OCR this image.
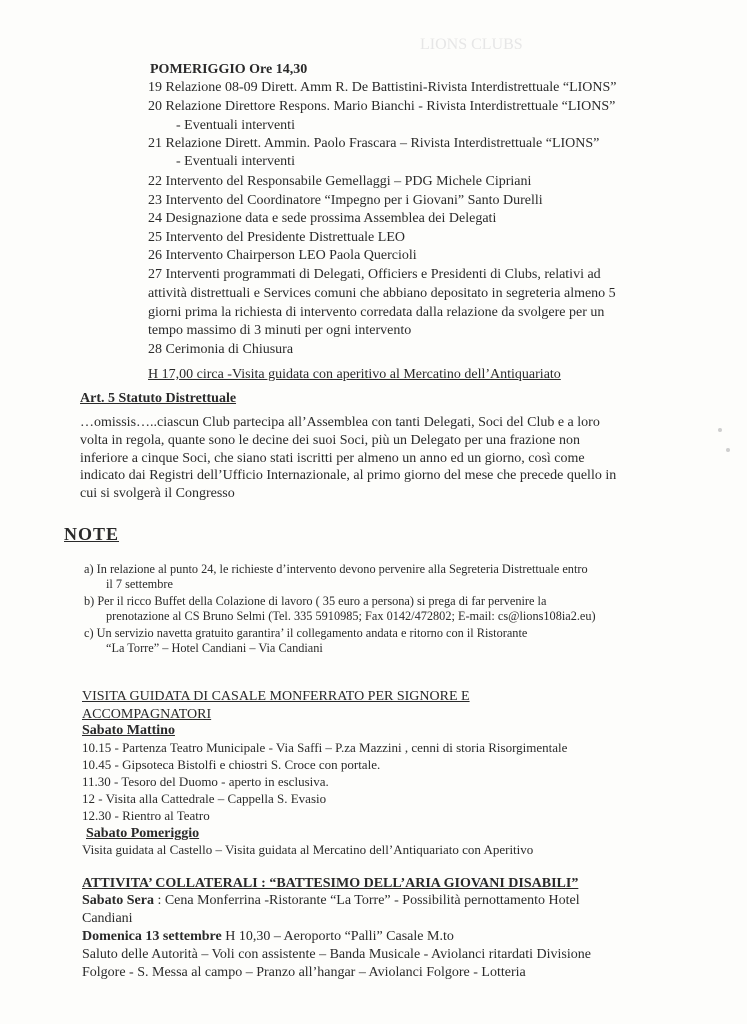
LIONS CLUBS
POMERIGGIO Ore 14,30
19 Relazione 08-09 Dirett. Amm R. De Battistini-Rivista Interdistrettuale “LIONS”
20 Relazione Direttore Respons. Mario Bianchi - Rivista Interdistrettuale “LIONS”
- Eventuali interventi
21 Relazione Dirett. Ammin. Paolo Frascara – Rivista Interdistrettuale “LIONS”
- Eventuali interventi
22 Intervento del Responsabile Gemellaggi – PDG Michele Cipriani
23 Intervento del Coordinatore “Impegno per i Giovani” Santo Durelli
24 Designazione data e sede prossima Assemblea dei Delegati
25 Intervento del Presidente Distrettuale LEO
26 Intervento Chairperson LEO Paola Quercioli
27 Interventi programmati di Delegati, Officiers e Presidenti di Clubs, relativi ad
attività distrettuali e Services comuni che abbiano depositato in segreteria almeno 5
giorni prima la richiesta di intervento corredata dalla relazione da svolgere per un
tempo massimo di 3 minuti per ogni intervento
28 Cerimonia di Chiusura
H 17,00 circa -Visita guidata con aperitivo al Mercatino dell’Antiquariato
Art. 5 Statuto Distrettuale
…omissis…..ciascun Club partecipa all’Assemblea con tanti Delegati, Soci del Club e a loro
volta in regola, quante sono le decine dei suoi Soci, più un Delegato per una frazione non
inferiore a cinque Soci, che siano stati iscritti per almeno un anno ed un giorno, così come
indicato dai Registri dell’Ufficio Internazionale, al primo giorno del mese che precede quello in
cui si svolgerà il Congresso
NOTE
a) In relazione al punto 24, le richieste d’intervento devono pervenire alla Segreteria Distrettuale entro
il 7 settembre
b) Per il ricco Buffet della Colazione di lavoro ( 35 euro a persona) si prega di far pervenire la
prenotazione al CS Bruno Selmi (Tel. 335 5910985; Fax 0142/472802; E-mail: cs@lions108ia2.eu)
c) Un servizio navetta gratuito garantira’ il collegamento andata e ritorno con il Ristorante
“La Torre” – Hotel Candiani – Via Candiani
VISITA GUIDATA DI CASALE MONFERRATO PER SIGNORE E
ACCOMPAGNATORI
Sabato Mattino
10.15 - Partenza Teatro Municipale - Via Saffi – P.za Mazzini , cenni di storia Risorgimentale
10.45 - Gipsoteca Bistolfi e chiostri S. Croce con portale.
11.30 - Tesoro del Duomo - aperto in esclusiva.
12 - Visita alla Cattedrale – Cappella S. Evasio
12.30 - Rientro al Teatro
Sabato Pomeriggio
Visita guidata al Castello – Visita guidata al Mercatino dell’Antiquariato con Aperitivo
ATTIVITA’ COLLATERALI : “BATTESIMO DELL’ARIA GIOVANI DISABILI”
Sabato Sera : Cena Monferrina -Ristorante “La Torre” - Possibilità pernottamento Hotel
Candiani
Domenica 13 settembre H 10,30 – Aeroporto “Palli” Casale M.to
Saluto delle Autorità – Voli con assistente – Banda Musicale - Aviolanci ritardati Divisione
Folgore - S. Messa al campo – Pranzo all’hangar – Aviolanci Folgore - Lotteria
